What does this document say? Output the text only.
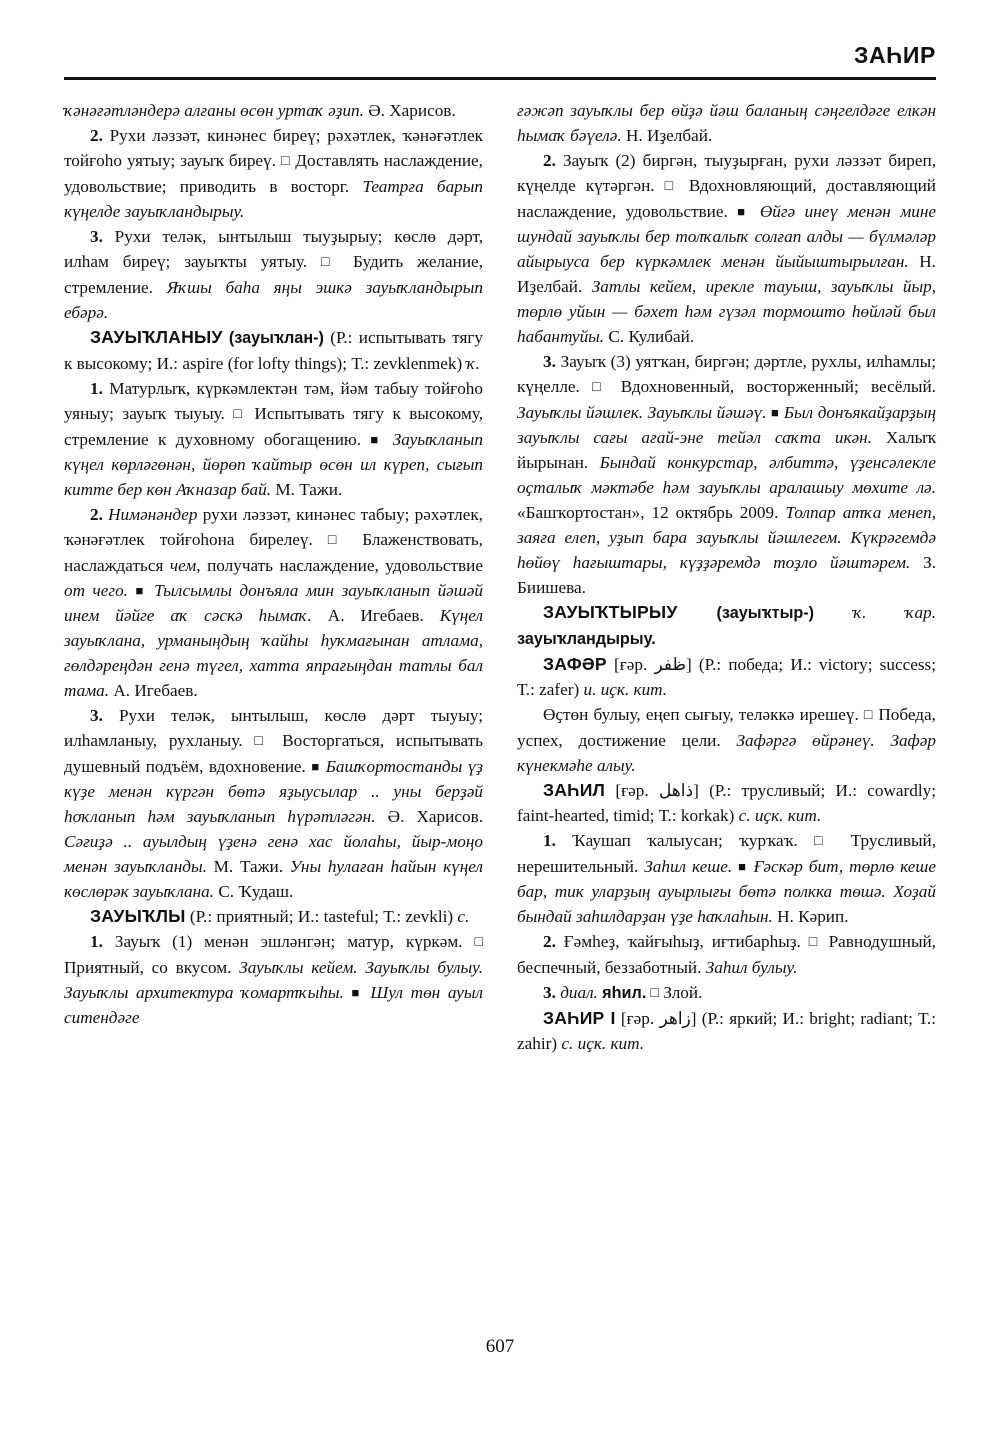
ЗАҺИР

ҡәнәғәтләндерә алғаны өсөн уртаҡ әҙип. Ә. Харисов.

2. Рухи ләззәт, кинәнес биреү; рәхәтлек, ҡәнәғәтлек тойғоһо уятыу; зауыҡ биреү. □ Доставлять наслаждение, удовольствие; приводить в восторг. Театрға барып күңелде зауыҡландырыу.

3. Рухи теләк, ынтылыш тыуҙырыу; көслө дәрт, илһам биреү; зауыҡты уятыу. □ Будить желание, стремление. Яҡшы баһа яңы эшкә зауыҡландырып ебәрә.

ЗАУЫҠЛАНЫУ (зауыҡлан-) (Р.: испытывать тягу к высокому; И.: aspire (for lofty things); Т.: zevklenmek) ҡ.

1. Матурлыҡ, күркәмлектән тәм, йәм табыу тойғоһо уяныу; зауыҡ тыуыу. □ Испытывать тягу к высокому, стремление к духовному обогащению. ■ Зауыҡланып күңел көрләгөнән, йөрөп ҡайтыр өсөн ил күреп, сығып китте бер көн Аҡназар бай. М. Тажи.

2. Нимәнәндер рухи ләззәт, кинәнес табыу; рәхәтлек, ҡәнәғәтлек тойғоһона бирелеү. □ Блаженствовать, наслаждаться чем, получать наслаждение, удовольствие от чего. ■ Тылсымлы донъяла мин зауыҡланып йәшәй инем йәйге аҡ сәскә һымаҡ. А. Игебаев. Күңел зауыҡлана, урманыңдың ҡайһы һуҡмағынан атлама, гөлдәреңдән генә түгел, хатта япрағыңдан татлы бал тама. А. Игебаев.

3. Рухи теләк, ынтылыш, көслө дәрт тыуыу; илһамланыу, рухланыу. □ Восторгаться, испытывать душевный подъём, вдохновение. ■ Башҡортостанды үҙ күҙе менән күргән бөтә яҙыусылар .. уны берҙәй һоҡланып һәм зауыҡланып һүрәтләгән. Ә. Харисов. Сәғиҙә .. ауылдың үҙенә генә хас йолаһы, йыр-моңо менән зауыҡланды. М. Тажи. Уны һулаған һайын күңел көслөрәк зауыҡлана. С. Ҡудаш.

ЗАУЫҠЛЫ (Р.: приятный; И.: tasteful; Т.: zevkli) с.

1. Зауыҡ (1) менән эшләнгән; матур, күркәм. □ Приятный, со вкусом. Зауыҡлы кейем. Зауыҡлы булыу. Зауыҡлы архитектура ҡомартҡыһы. ■ Шул төн ауыл ситендәге

ғәжәп зауыҡлы бер өйҙә йәш баланың сәңгелдәге елкән һымаҡ бәүелә. Н. Иҙелбай.

2. Зауыҡ (2) биргән, тыуҙырған, рухи ләззәт биреп, күңелде күтәргән. □ Вдохновляющий, доставляющий наслаждение, удовольствие. ■ Өйгә инеү менән мине шундай зауыҡлы бер толҡалыҡ солғап алды — бүлмәләр айырыуса бер күркәмлек менән йыйыштырылған. Н. Иҙелбай. Затлы кейем, ирекле тауыш, зауыҡлы йыр, төрлө уйын — бәхет һәм гүзәл тормошто һөйләй был һабантуйы. С. Кулибай.

3. Зауыҡ (3) уятҡан, биргән; дәртле, рухлы, илһамлы; күңелле. □ Вдохновенный, восторженный; весёлый. Зауыҡлы йәшлек. Зауыҡлы йәшәү. ■ Был донъякайҙарҙың зауыҡлы сағы ағай-эне тейәл саҡта икән. Халыҡ йырынан. Бындай конкурстар, әлбиттә, үҙенсәлекле оҫталыҡ мәктәбе һәм зауыҡлы аралашыу мөхите лә. «Башҡортостан», 12 октябрь 2009. Толпар атҡа менеп, заяға елеп, уҙып бара зауыҡлы йәшлегем. Күкрәгемдә һөйөү һағыштары, күҙҙәремдә тоҙло йәштәрем. З. Биишева.

ЗАУЫҠТЫРЫУ (зауыҡтыр-) ҡ. ҡар. зауыҡландырыу.

ЗАФӘР [ғәр. ظفر] (Р.: победа; И.: victory; success; Т.: zafer) и. иҫк. кит.

Өҫтөн булыу, еңеп сығыу, теләккә ирешеү. □ Победа, успех, достижение цели. Зафәргә өйрәнеү. Зафәр күнекмәһе алыу.

ЗАҺИЛ [ғәр. ذاهل] (Р.: трусливый; И.: cowardly; faint-hearted, timid; Т.: korkak) с. иҫк. кит.

1. Ҡаушап ҡалыусан; ҡурҡаҡ. □ Трусливый, нерешительный. Заһил кеше. ■ Ғәскәр бит, төрлө кеше бар, тик уларҙың ауырлығы бөтә полкка төшә. Хоҙай бындай заһилдарҙан үҙе һаҡлаһын. Н. Кәрип.

2. Ғәмһеҙ, ҡайғыһыҙ, иғтибарһыҙ. □ Равнодушный, беспечный, беззаботный. Заһил булыу.

3. диал. яһил. □ Злой.

ЗАҺИР I [ғәр. زاهر] (Р.: яркий; И.: bright; radiant; Т.: zahir) с. иҫк. кит.

607
